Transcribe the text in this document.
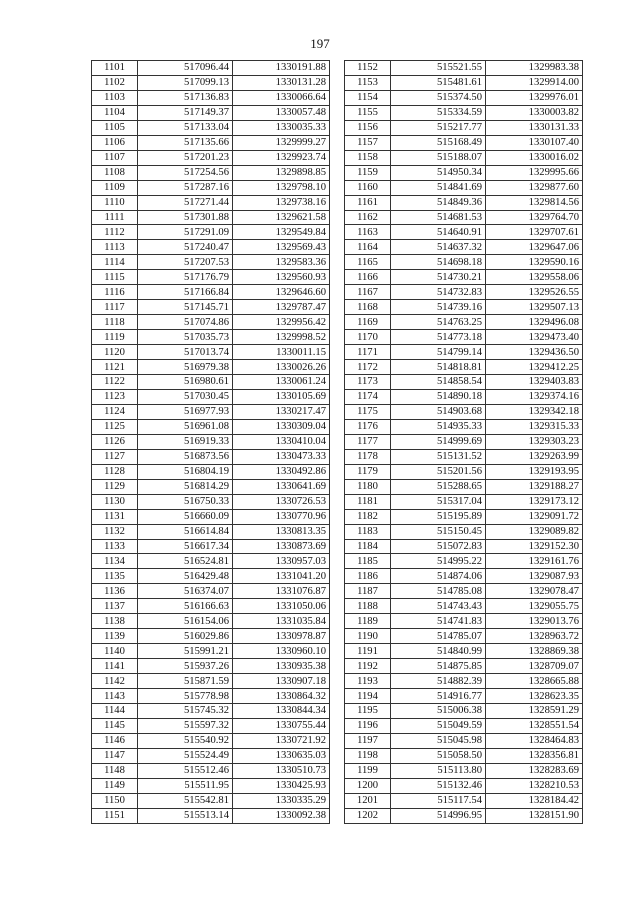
197
1101	517096.44	1330191.88
1102	517099.13	1330131.28
1103	517136.83	1330066.64
1104	517149.37	1330057.48
1105	517133.04	1330035.33
1106	517135.66	1329999.27
1107	517201.23	1329923.74
1108	517254.56	1329898.85
1109	517287.16	1329798.10
1110	517271.44	1329738.16
1111	517301.88	1329621.58
1112	517291.09	1329549.84
1113	517240.47	1329569.43
1114	517207.53	1329583.36
1115	517176.79	1329560.93
1116	517166.84	1329646.60
1117	517145.71	1329787.47
1118	517074.86	1329956.42
1119	517035.73	1329998.52
1120	517013.74	1330011.15
1121	516979.38	1330026.26
1122	516980.61	1330061.24
1123	517030.45	1330105.69
1124	516977.93	1330217.47
1125	516961.08	1330309.04
1126	516919.33	1330410.04
1127	516873.56	1330473.33
1128	516804.19	1330492.86
1129	516814.29	1330641.69
1130	516750.33	1330726.53
1131	516660.09	1330770.96
1132	516614.84	1330813.35
1133	516617.34	1330873.69
1134	516524.81	1330957.03
1135	516429.48	1331041.20
1136	516374.07	1331076.87
1137	516166.63	1331050.06
1138	516154.06	1331035.84
1139	516029.86	1330978.87
1140	515991.21	1330960.10
1141	515937.26	1330935.38
1142	515871.59	1330907.18
1143	515778.98	1330864.32
1144	515745.32	1330844.34
1145	515597.32	1330755.44
1146	515540.92	1330721.92
1147	515524.49	1330635.03
1148	515512.46	1330510.73
1149	515511.95	1330425.93
1150	515542.81	1330335.29
1151	515513.14	1330092.38
1152	515521.55	1329983.38
1153	515481.61	1329914.00
1154	515374.50	1329976.01
1155	515334.59	1330003.82
1156	515217.77	1330131.33
1157	515168.49	1330107.40
1158	515188.07	1330016.02
1159	514950.34	1329995.66
1160	514841.69	1329877.60
1161	514849.36	1329814.56
1162	514681.53	1329764.70
1163	514640.91	1329707.61
1164	514637.32	1329647.06
1165	514698.18	1329590.16
1166	514730.21	1329558.06
1167	514732.83	1329526.55
1168	514739.16	1329507.13
1169	514763.25	1329496.08
1170	514773.18	1329473.40
1171	514799.14	1329436.50
1172	514818.81	1329412.25
1173	514858.54	1329403.83
1174	514890.18	1329374.16
1175	514903.68	1329342.18
1176	514935.33	1329315.33
1177	514999.69	1329303.23
1178	515131.52	1329263.99
1179	515201.56	1329193.95
1180	515288.65	1329188.27
1181	515317.04	1329173.12
1182	515195.89	1329091.72
1183	515150.45	1329089.82
1184	515072.83	1329152.30
1185	514995.22	1329161.76
1186	514874.06	1329087.93
1187	514785.08	1329078.47
1188	514743.43	1329055.75
1189	514741.83	1329013.76
1190	514785.07	1328963.72
1191	514840.99	1328869.38
1192	514875.85	1328709.07
1193	514882.39	1328665.88
1194	514916.77	1328623.35
1195	515006.38	1328591.29
1196	515049.59	1328551.54
1197	515045.98	1328464.83
1198	515058.50	1328356.81
1199	515113.80	1328283.69
1200	515132.46	1328210.53
1201	515117.54	1328184.42
1202	514996.95	1328151.90
